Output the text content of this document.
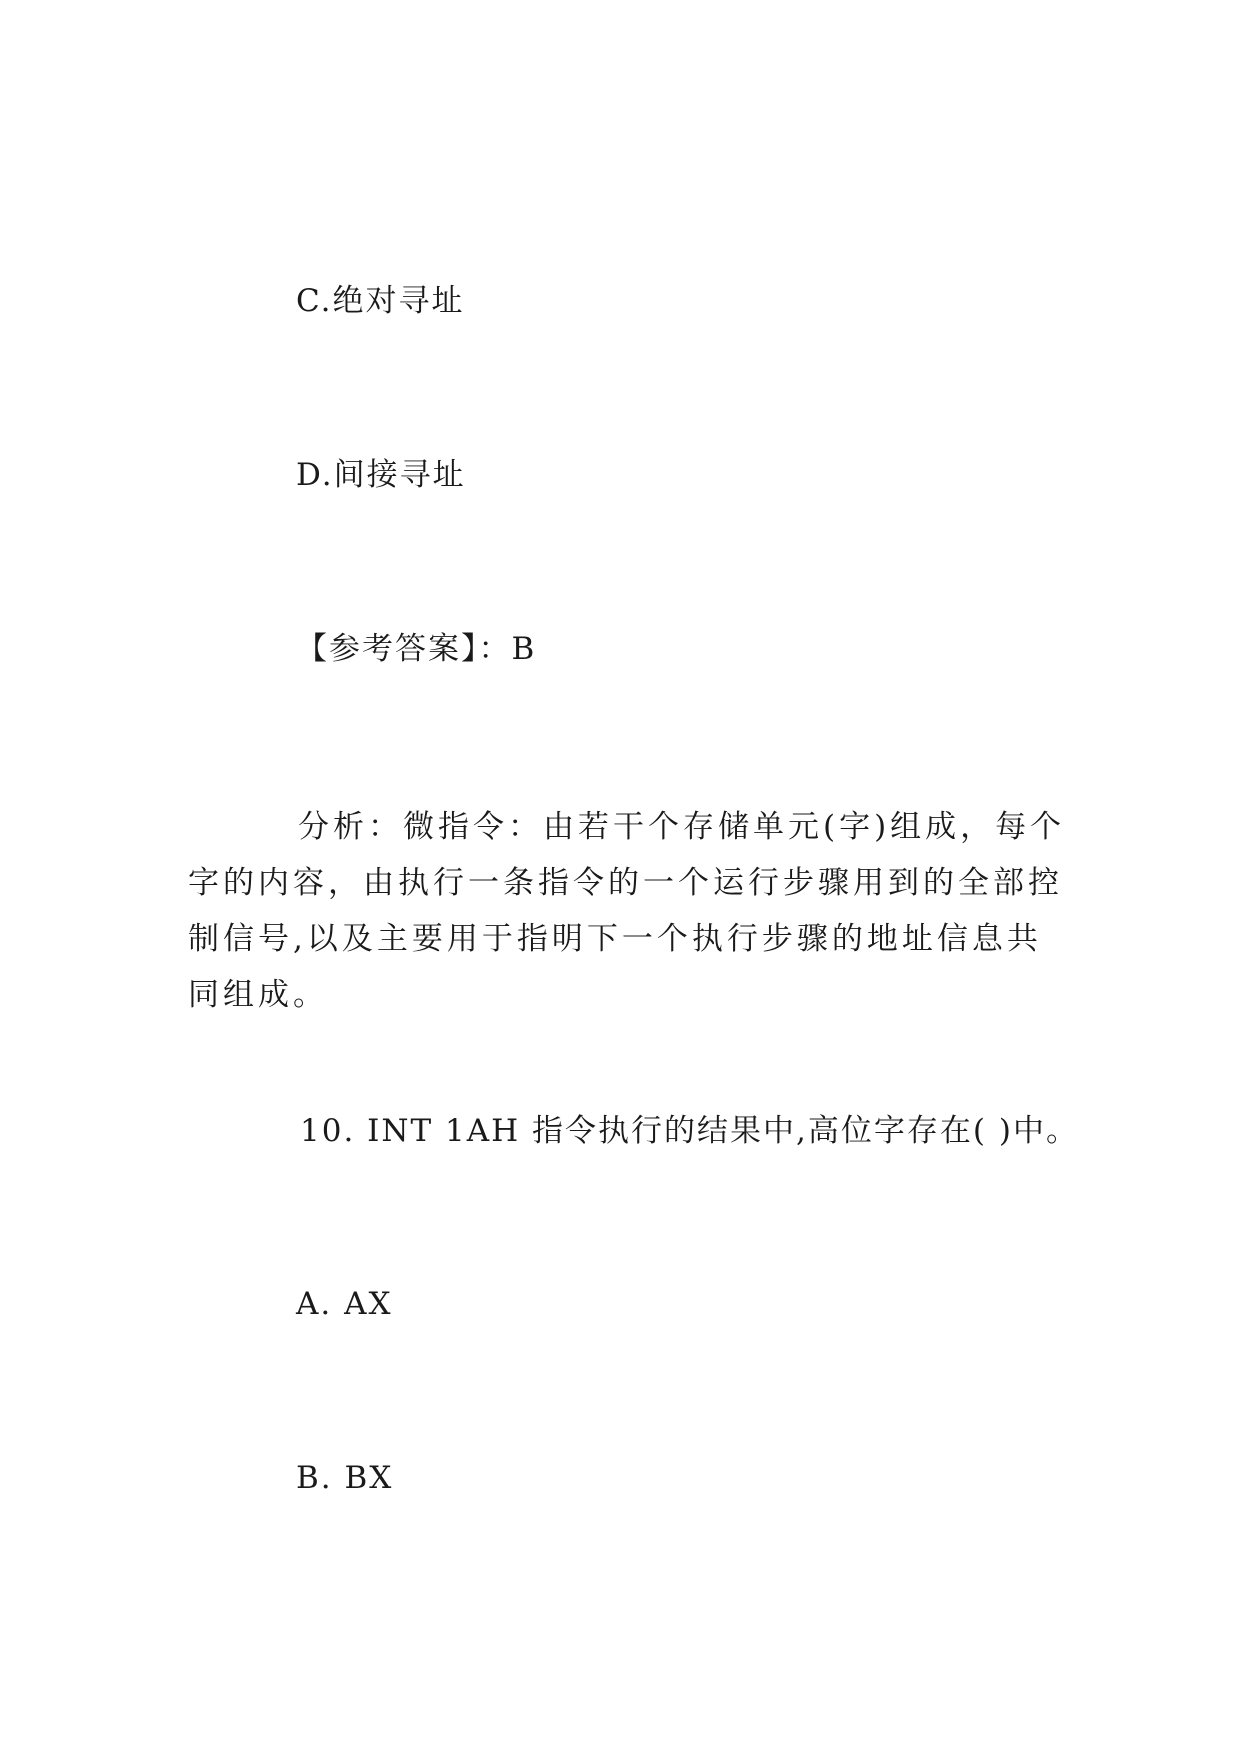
C.绝对寻址
D.间接寻址
【参考答案】：B
分析：微指令：由若干个存储单元(字)组成，每个字的内容，由执行一条指令的一个运行步骤用到的全部控制信号,以及主要用于指明下一个执行步骤的地址信息共同组成。
10. INT 1AH 指令执行的结果中,高位字存在( )中。
A. AX
B. BX
